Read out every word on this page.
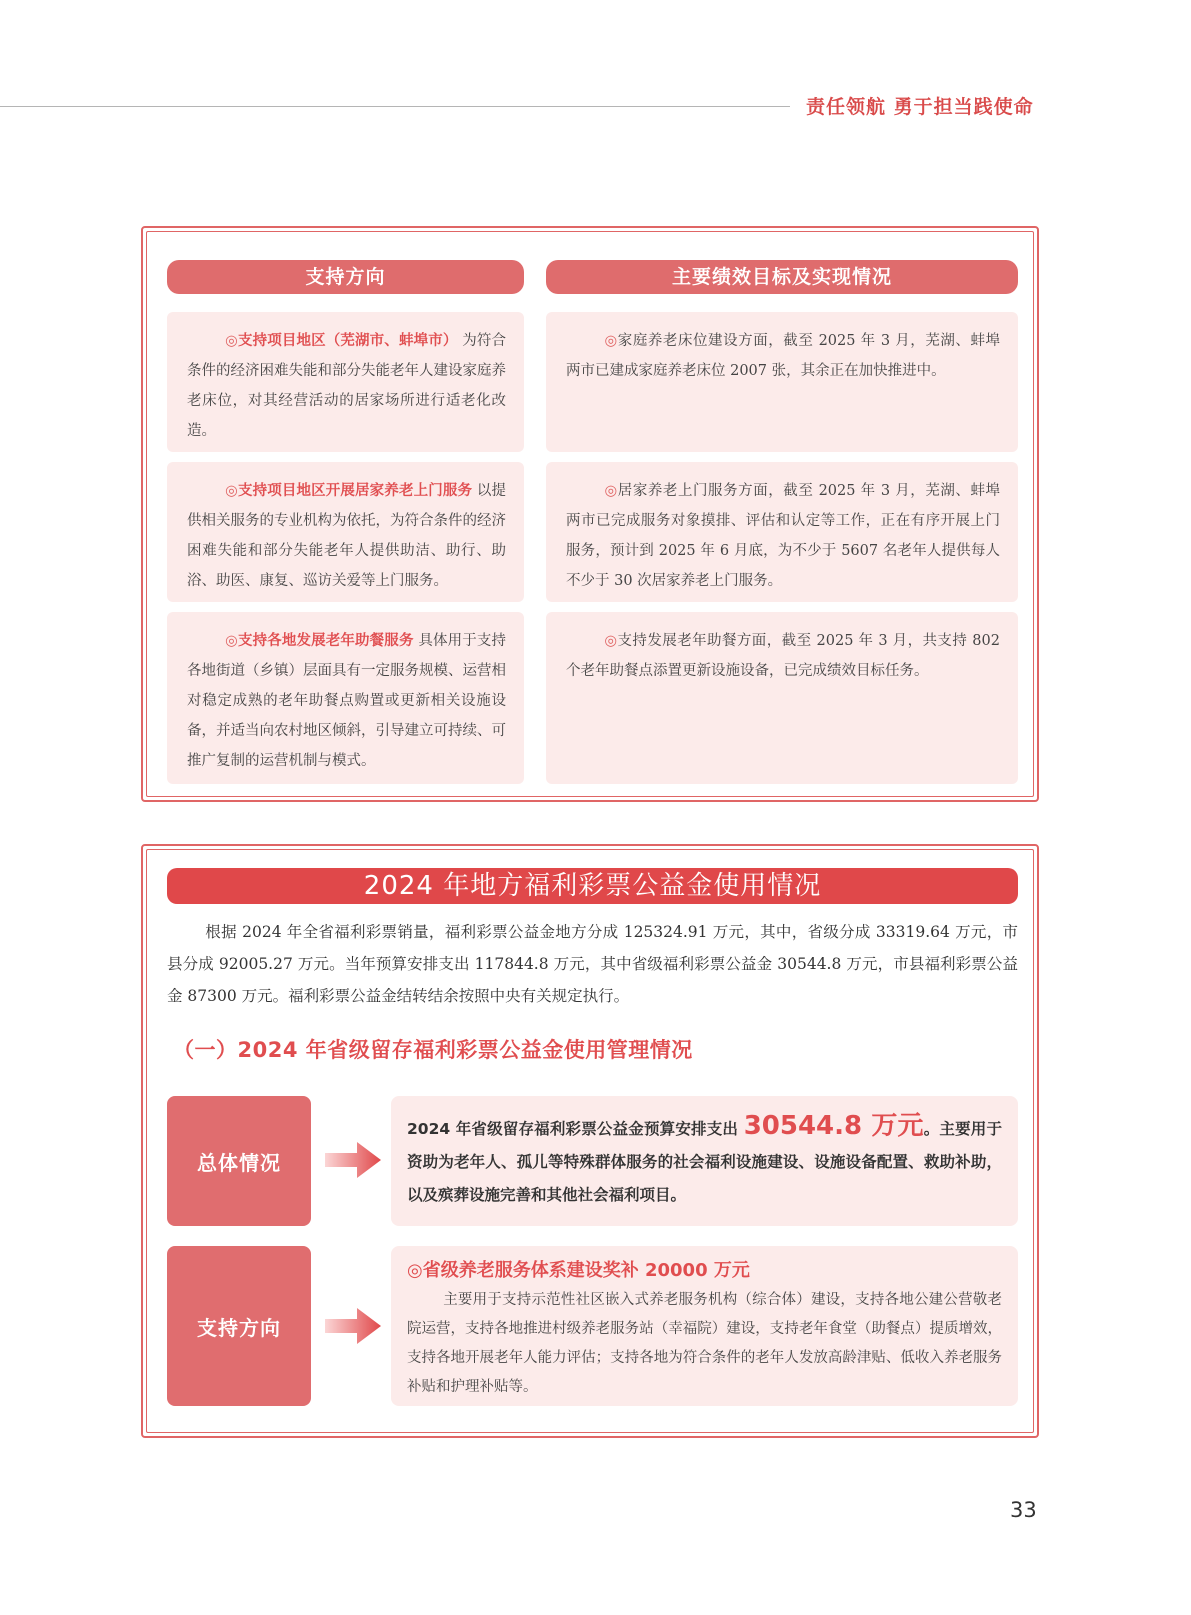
责任领航 勇于担当践使命
支持方向	主要绩效目标及实现情况
◎支持项目地区（芜湖市、蚌埠市） 为符合条件的经济困难失能和部分失能老年人建设家庭养老床位，对其经营活动的居家场所进行适老化改造。
◎家庭养老床位建设方面，截至 2025 年 3 月，芜湖、蚌埠两市已建成家庭养老床位 2007 张，其余正在加快推进中。
◎支持项目地区开展居家养老上门服务 以提供相关服务的专业机构为依托，为符合条件的经济困难失能和部分失能老年人提供助洁、助行、助浴、助医、康复、巡访关爱等上门服务。
◎居家养老上门服务方面，截至 2025 年 3 月，芜湖、蚌埠两市已完成服务对象摸排、评估和认定等工作，正在有序开展上门服务，预计到 2025 年 6 月底，为不少于 5607 名老年人提供每人不少于 30 次居家养老上门服务。
◎支持各地发展老年助餐服务 具体用于支持各地街道（乡镇）层面具有一定服务规模、运营相对稳定成熟的老年助餐点购置或更新相关设施设备，并适当向农村地区倾斜，引导建立可持续、可推广复制的运营机制与模式。
◎支持发展老年助餐方面，截至 2025 年 3 月，共支持 802 个老年助餐点添置更新设施设备，已完成绩效目标任务。
2024 年地方福利彩票公益金使用情况
根据 2024 年全省福利彩票销量，福利彩票公益金地方分成 125324.91 万元，其中，省级分成 33319.64 万元，市县分成 92005.27 万元。当年预算安排支出 117844.8 万元，其中省级福利彩票公益金 30544.8 万元，市县福利彩票公益金 87300 万元。福利彩票公益金结转结余按照中央有关规定执行。
（一）2024 年省级留存福利彩票公益金使用管理情况
总体情况
2024 年省级留存福利彩票公益金预算安排支出 30544.8 万元。主要用于资助为老年人、孤儿等特殊群体服务的社会福利设施建设、设施设备配置、救助补助，以及殡葬设施完善和其他社会福利项目。
支持方向
◎省级养老服务体系建设奖补 20000 万元
主要用于支持示范性社区嵌入式养老服务机构（综合体）建设，支持各地公建公营敬老院运营，支持各地推进村级养老服务站（幸福院）建设，支持老年食堂（助餐点）提质增效，支持各地开展老年人能力评估；支持各地为符合条件的老年人发放高龄津贴、低收入养老服务补贴和护理补贴等。
33
